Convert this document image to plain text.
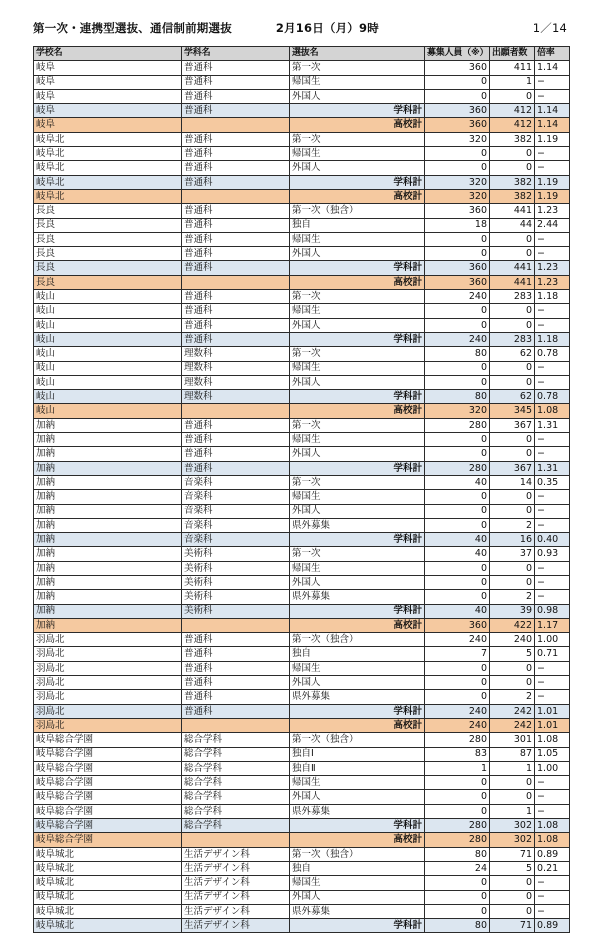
第一次・連携型選抜、通信制前期選抜	2月16日（月）9時	1／14
学校名	学科名	選抜名	募集人員（※）	出願者数	倍率
岐阜	普通科	第一次	360	411	1.14
岐阜	普通科	帰国生	0	1	−
岐阜	普通科	外国人	0	0	−
岐阜	普通科	学科計	360	412	1.14
岐阜		高校計	360	412	1.14
岐阜北	普通科	第一次	320	382	1.19
岐阜北	普通科	帰国生	0	0	−
岐阜北	普通科	外国人	0	0	−
岐阜北	普通科	学科計	320	382	1.19
岐阜北		高校計	320	382	1.19
長良	普通科	第一次（独含）	360	441	1.23
長良	普通科	独自	18	44	2.44
長良	普通科	帰国生	0	0	−
長良	普通科	外国人	0	0	−
長良	普通科	学科計	360	441	1.23
長良		高校計	360	441	1.23
岐山	普通科	第一次	240	283	1.18
岐山	普通科	帰国生	0	0	−
岐山	普通科	外国人	0	0	−
岐山	普通科	学科計	240	283	1.18
岐山	理数科	第一次	80	62	0.78
岐山	理数科	帰国生	0	0	−
岐山	理数科	外国人	0	0	−
岐山	理数科	学科計	80	62	0.78
岐山		高校計	320	345	1.08
加納	普通科	第一次	280	367	1.31
加納	普通科	帰国生	0	0	−
加納	普通科	外国人	0	0	−
加納	普通科	学科計	280	367	1.31
加納	音楽科	第一次	40	14	0.35
加納	音楽科	帰国生	0	0	−
加納	音楽科	外国人	0	0	−
加納	音楽科	県外募集	0	2	−
加納	音楽科	学科計	40	16	0.40
加納	美術科	第一次	40	37	0.93
加納	美術科	帰国生	0	0	−
加納	美術科	外国人	0	0	−
加納	美術科	県外募集	0	2	−
加納	美術科	学科計	40	39	0.98
加納		高校計	360	422	1.17
羽島北	普通科	第一次（独含）	240	240	1.00
羽島北	普通科	独自	7	5	0.71
羽島北	普通科	帰国生	0	0	−
羽島北	普通科	外国人	0	0	−
羽島北	普通科	県外募集	0	2	−
羽島北	普通科	学科計	240	242	1.01
羽島北		高校計	240	242	1.01
岐阜総合学園	総合学科	第一次（独含）	280	301	1.08
岐阜総合学園	総合学科	独自Ⅰ	83	87	1.05
岐阜総合学園	総合学科	独自Ⅱ	1	1	1.00
岐阜総合学園	総合学科	帰国生	0	0	−
岐阜総合学園	総合学科	外国人	0	0	−
岐阜総合学園	総合学科	県外募集	0	1	−
岐阜総合学園	総合学科	学科計	280	302	1.08
岐阜総合学園		高校計	280	302	1.08
岐阜城北	生活デザイン科	第一次（独含）	80	71	0.89
岐阜城北	生活デザイン科	独自	24	5	0.21
岐阜城北	生活デザイン科	帰国生	0	0	−
岐阜城北	生活デザイン科	外国人	0	0	−
岐阜城北	生活デザイン科	県外募集	0	0	−
岐阜城北	生活デザイン科	学科計	80	71	0.89
